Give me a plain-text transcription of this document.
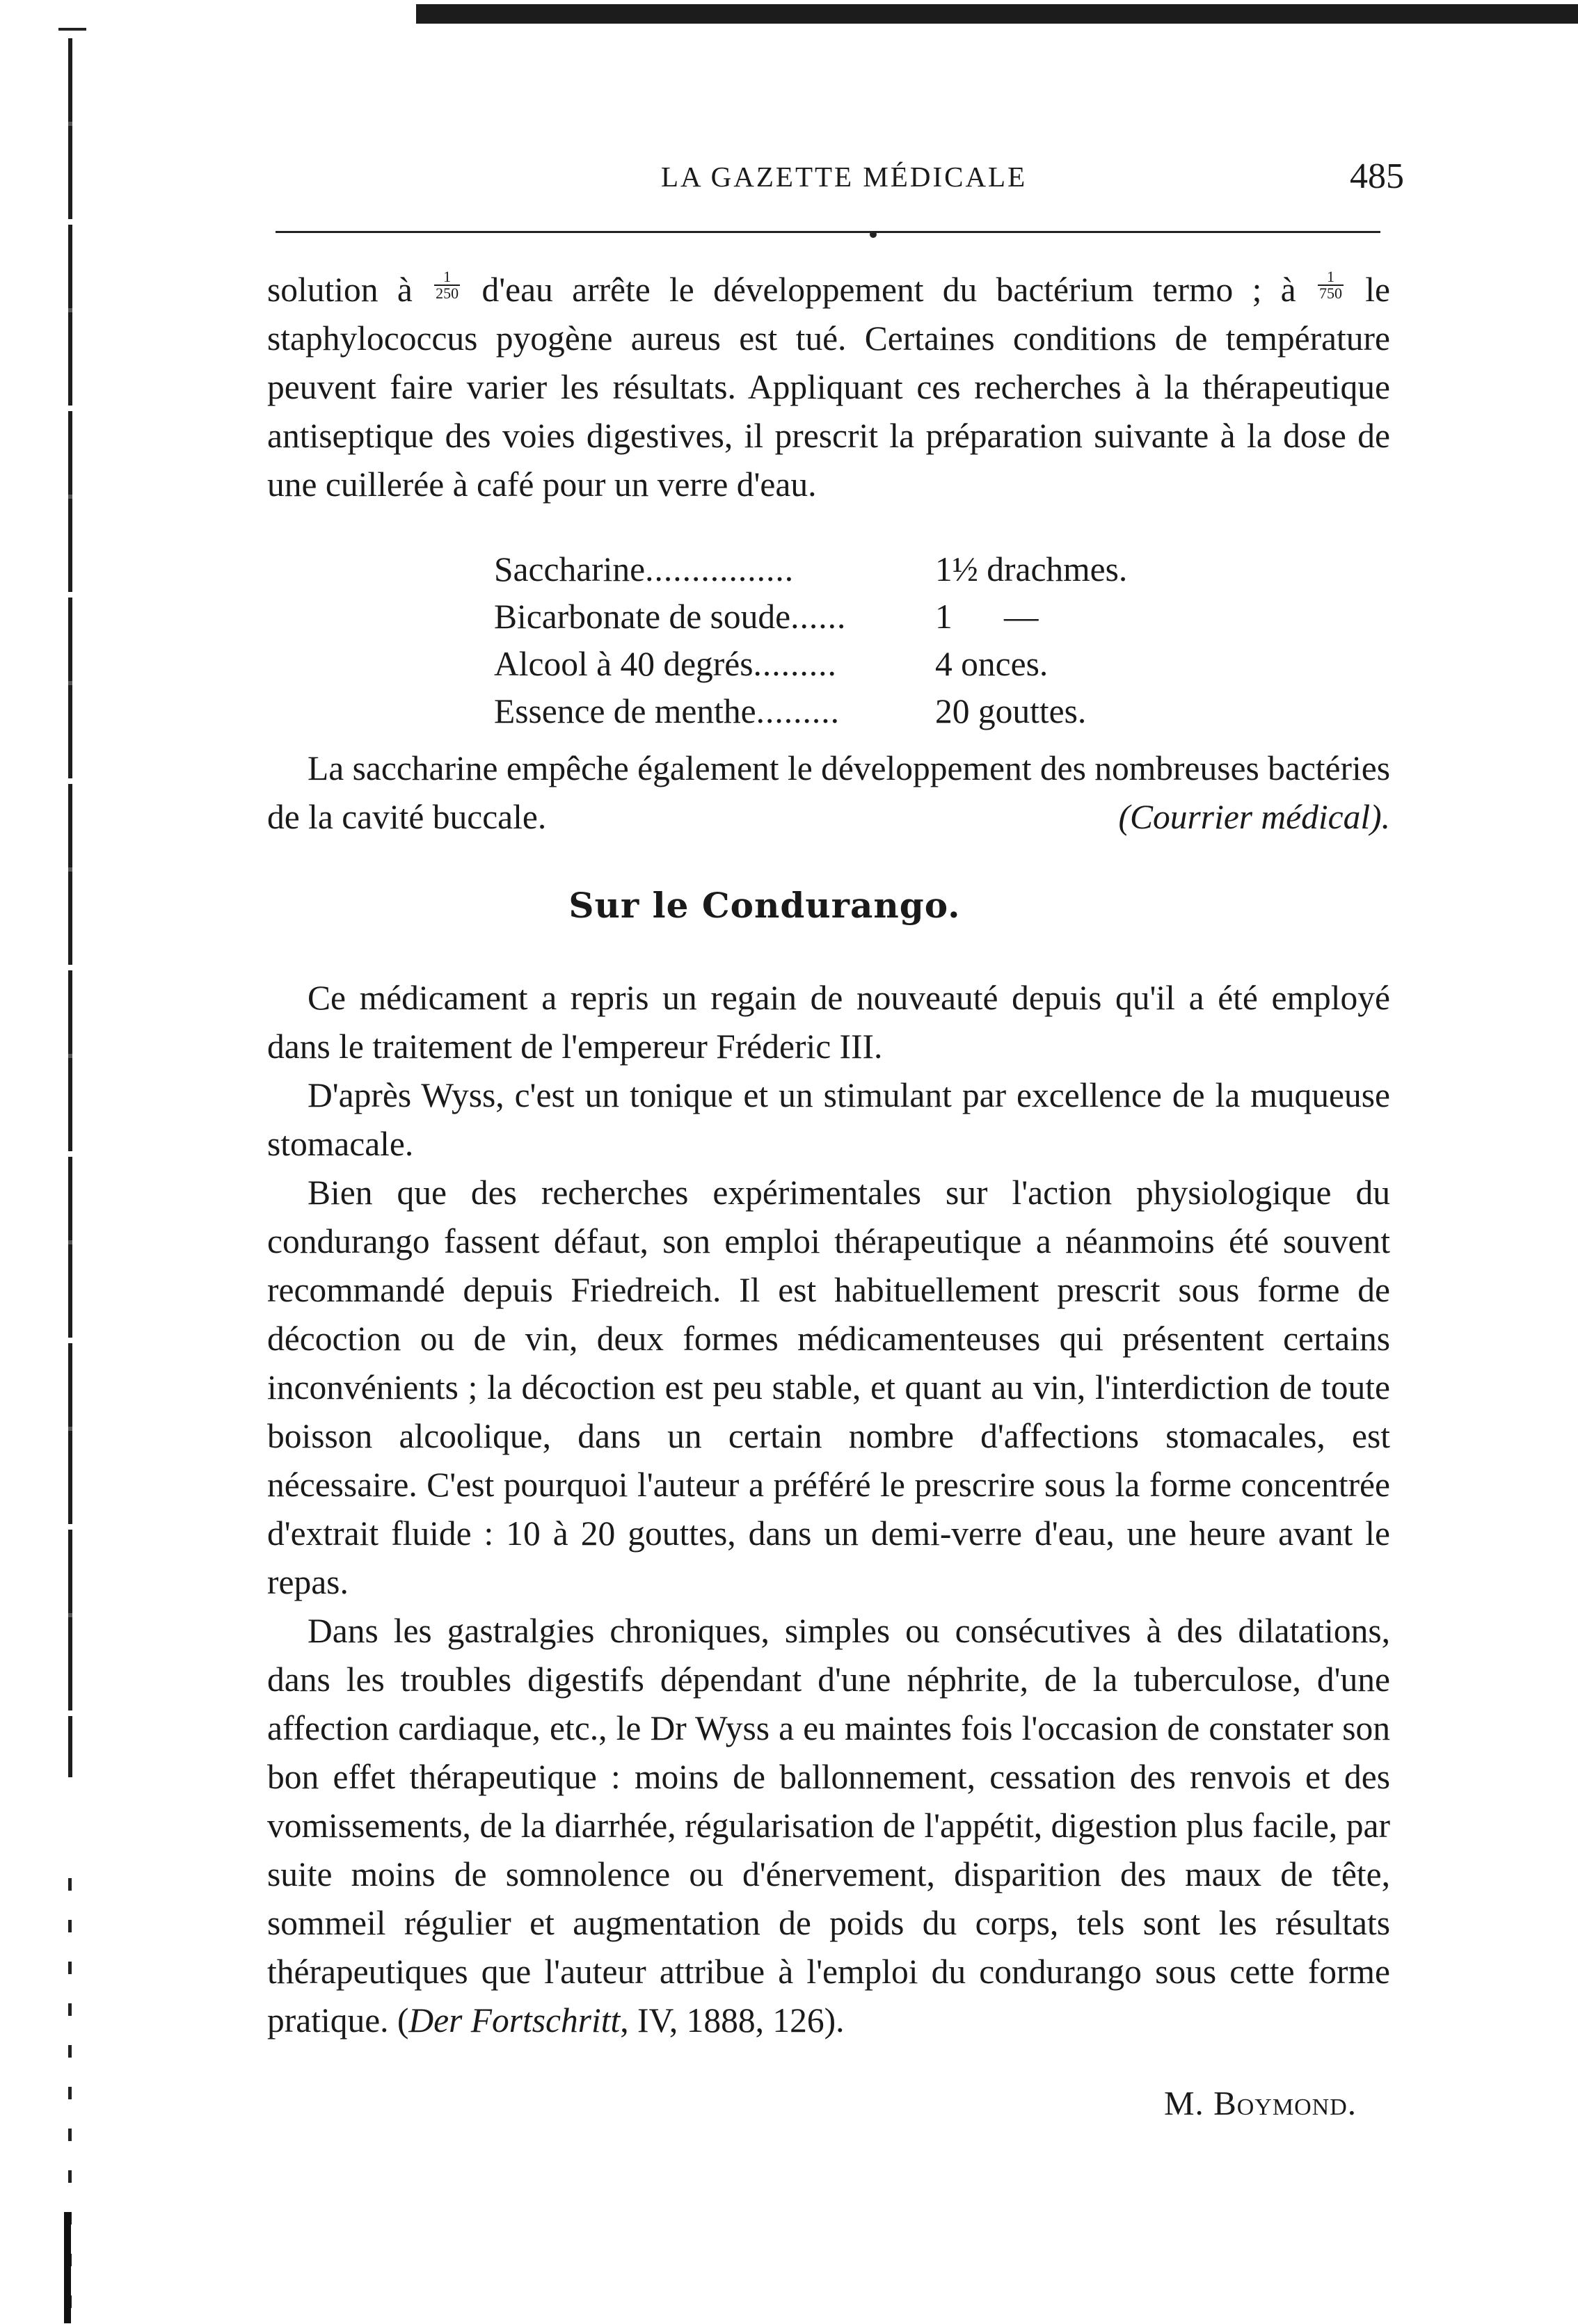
LA GAZETTE MÉDICALE	485

solution à $\frac{1}{250} d'eau$ arrête le développement du bactérium termo ; à $\frac{1}{750}$ le staphylococcus pyogène aureus est tué. Certaines conditions de température peuvent faire varier les résultats. Appliquant ces recherches à la thérapeutique antiseptique des voies digestives, il prescrit la préparation suivante à la dose de une cuillerée à café pour un verre d'eau.

Saccharine................	1½ drachmes.
Bicarbonate de soude......	1      —
Alcool à 40 degrés.........	4 onces.
Essence de menthe.........	20 gouttes.

La saccharine empêche également le développement des nombreuses bactéries de la cavité buccale.	(Courrier médical).

Sur le Condurango.

Ce médicament a repris un regain de nouveauté depuis qu'il a été employé dans le traitement de l'empereur Fréderic III.

D'après Wyss, c'est un tonique et un stimulant par excellence de la muqueuse stomacale.

Bien que des recherches expérimentales sur l'action physiologique du condurango fassent défaut, son emploi thérapeutique a néanmoins été souvent recommandé depuis Friedreich. Il est habituellement prescrit sous forme de décoction ou de vin, deux formes médicamenteuses qui présentent certains inconvénients ; la décoction est peu stable, et quant au vin, l'interdiction de toute boisson alcoolique, dans un certain nombre d'affections stomacales, est nécessaire. C'est pourquoi l'auteur a préféré le prescrire sous la forme concentrée d'extrait fluide : 10 à 20 gouttes, dans un demi-verre d'eau, une heure avant le repas.

Dans les gastralgies chroniques, simples ou consécutives à des dilatations, dans les troubles digestifs dépendant d'une néphrite, de la tuberculose, d'une affection cardiaque, etc., le Dr Wyss a eu maintes fois l'occasion de constater son bon effet thérapeutique : moins de ballonnement, cessation des renvois et des vomissements, de la diarrhée, régularisation de l'appétit, digestion plus facile, par suite moins de somnolence ou d'énervement, disparition des maux de tête, sommeil régulier et augmentation de poids du corps, tels sont les résultats thérapeutiques que l'auteur attribue à l'emploi du condurango sous cette forme pratique. (Der Fortschritt, IV, 1888, 126).

M. Boymond.
